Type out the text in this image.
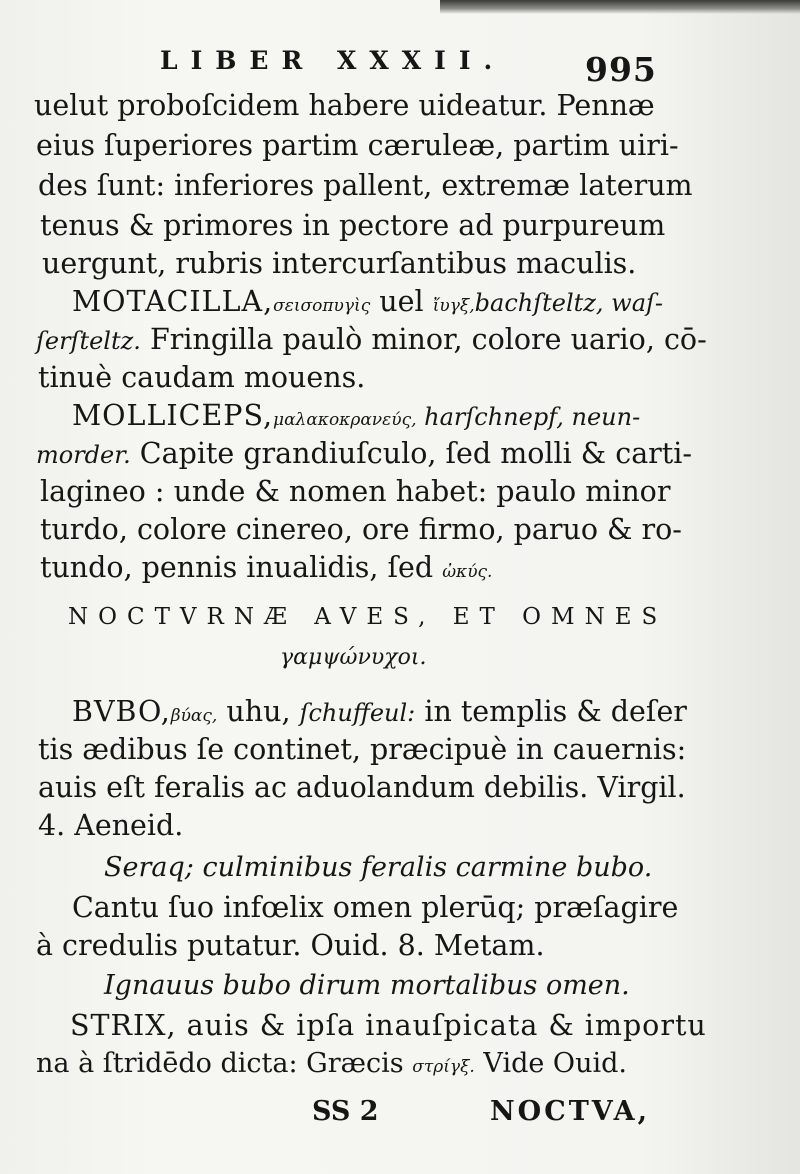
LIBER XXXII.	995
uelut proboſcidem habere uideatur. Pennæ
eius ſuperiores partim cæruleæ, partim uiri-
des ſunt: inferiores pallent, extremæ laterum
tenus & primores in pectore ad purpureum
uergunt, rubris intercurſantibus maculis.
MOTACILLA,σεισοπυγὶς uel ἴυγξ,bachſteltz, waſ-
ſerſteltz. Fringilla paulò minor, colore uario, cō-
tinuè caudam mouens.
MOLLICEPS,μαλακοκρανεύς, harſchnepf, neun-
morder. Capite grandiuſculo, ſed molli & carti-
lagineo : unde & nomen habet: paulo minor
turdo, colore cinereo, ore firmo, paruo & ro-
tundo, pennis inualidis, ſed ὠκύς.
NOCTVRNÆ AVES, ET OMNES
γαμψώνυχοι.
BVBO,βύας, uhu, ſchuffeul: in templis & deſer
tis ædibus ſe continet, præcipuè in cauernis:
auis eſt feralis ac aduolandum debilis. Virgil.
4. Aeneid.
Seraq; culminibus feralis carmine bubo.
Cantu ſuo infœlix omen plerūq; præſagire
à credulis putatur. Ouid. 8. Metam.
Ignauus bubo dirum mortalibus omen.
STRIX, auis & ipſa inauſpicata & importu
na à ſtridēdo dicta: Græcis στρίγξ. Vide Ouid.
SS 2	NOCTVA,
